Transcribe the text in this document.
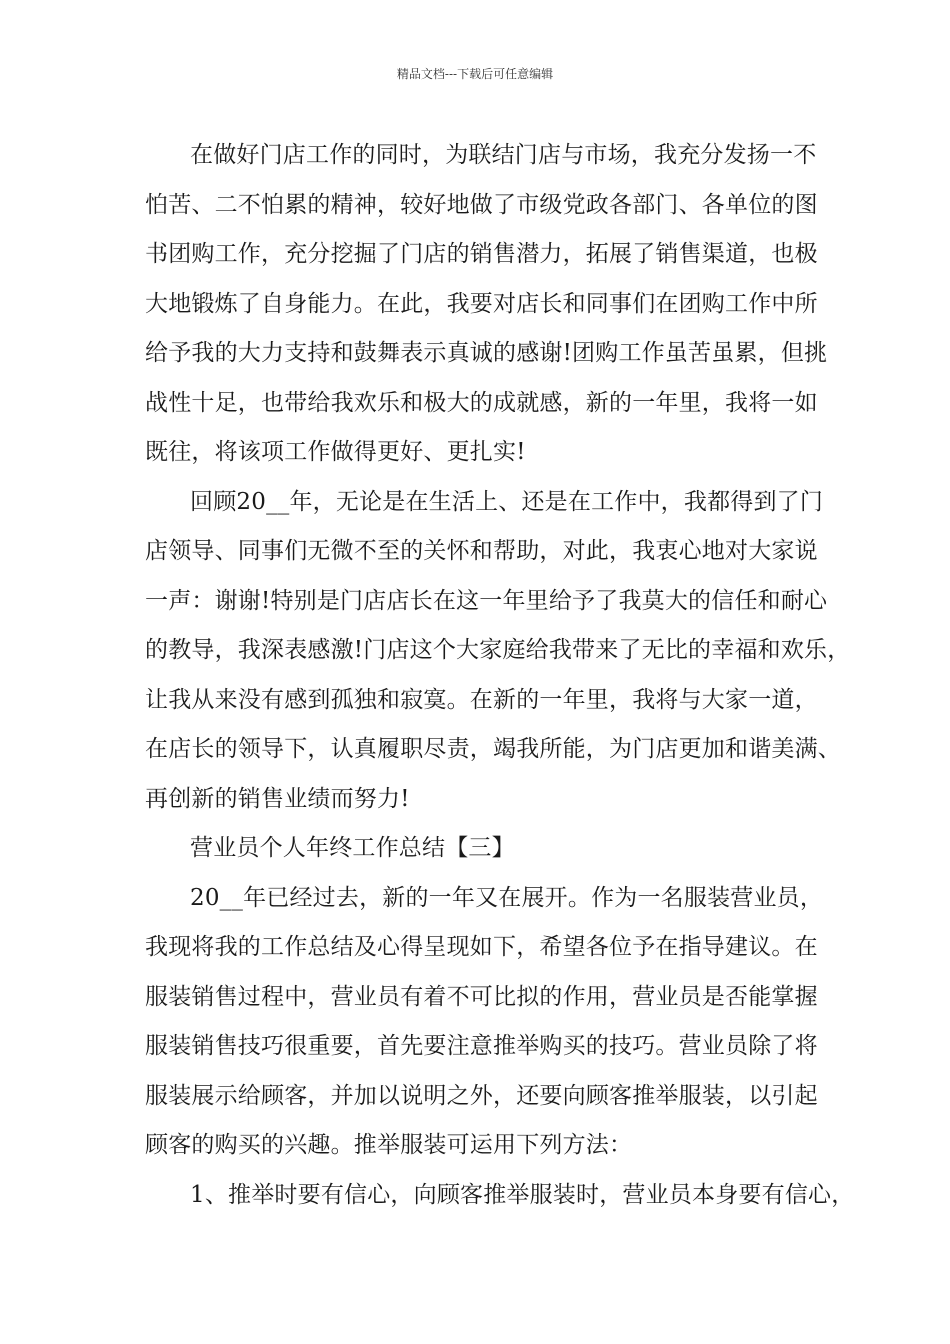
精品文档---下载后可任意编辑
在做好门店工作的同时，为联结门店与市场，我充分发扬一不
怕苦、二不怕累的精神，较好地做了市级党政各部门、各单位的图
书团购工作，充分挖掘了门店的销售潜力，拓展了销售渠道，也极
大地锻炼了自身能力。在此，我要对店长和同事们在团购工作中所
给予我的大力支持和鼓舞表示真诚的感谢!团购工作虽苦虽累，但挑
战性十足，也带给我欢乐和极大的成就感，新的一年里，我将一如
既往，将该项工作做得更好、更扎实!
回顾20__年，无论是在生活上、还是在工作中，我都得到了门
店领导、同事们无微不至的关怀和帮助，对此，我衷心地对大家说
一声：谢谢!特别是门店店长在这一年里给予了我莫大的信任和耐心
的教导，我深表感激!门店这个大家庭给我带来了无比的幸福和欢乐，
让我从来没有感到孤独和寂寞。在新的一年里，我将与大家一道，
在店长的领导下，认真履职尽责，竭我所能，为门店更加和谐美满、
再创新的销售业绩而努力!
营业员个人年终工作总结【三】
20__年已经过去，新的一年又在展开。作为一名服装营业员，
我现将我的工作总结及心得呈现如下，希望各位予在指导建议。在
服装销售过程中，营业员有着不可比拟的作用，营业员是否能掌握
服装销售技巧很重要，首先要注意推举购买的技巧。营业员除了将
服装展示给顾客，并加以说明之外，还要向顾客推举服装，以引起
顾客的购买的兴趣。推举服装可运用下列方法：
1、推举时要有信心，向顾客推举服装时，营业员本身要有信心，
